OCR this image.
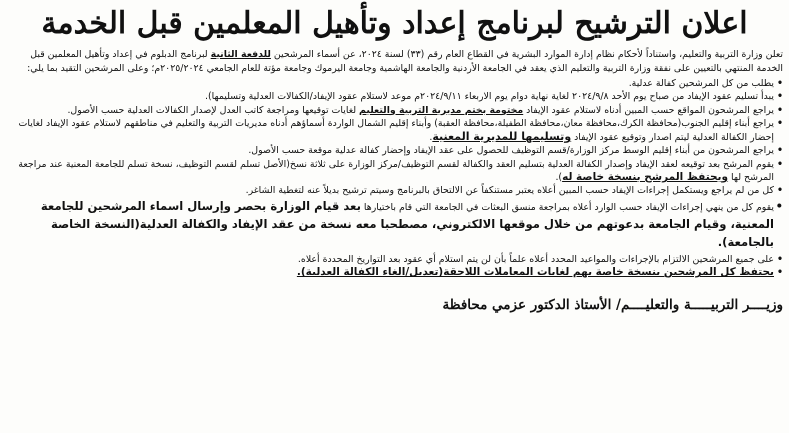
اعلان الترشيح لبرنامج إعداد وتأهيل المعلمين قبل الخدمة

تعلن وزارة التربية والتعليم، واستناداً لأحكام نظام إدارة الموارد البشرية في القطاع العام رقم (٣٣) لسنة ٢٠٢٤، عن أسماء المرشحين للدفعة الثانية لبرنامج الدبلوم في إعداد وتأهيل المعلمين قبل الخدمة المنتهي بالتعيين على نفقة وزارة التربية والتعليم الذي يعقد في الجامعة الأردنية والجامعة الهاشمية وجامعة اليرموك وجامعة مؤتة للعام الجامعي ٢٠٢٥/٢٠٢٤م؛ وعلى المرشحين التقيد بما يلي:

• يطلب من كل المرشحين كفالة عدلية.
• يبدأ تسليم عقود الإيفاد من صباح يوم الأحد ٢٠٢٤/٩/٨ لغاية نهاية دوام يوم الاربعاء ٢٠٢٤/٩/١١م موعد لاستلام عقود الإيفاد/الكفالات العدلية وتسليمها).
• يراجع المرشحون المواقع حسب المبين أدناه لاستلام عقود الإيفاد مختومة بختم مديرية التربية والتعليم لغايات توقيعها ومراجعة كاتب العدل لإصدار الكفالات العدلية حسب الأصول.
• يراجع أبناء إقليم الجنوب(محافظة الكرك،محافظة معان،محافظة الطفيلة،محافظة العقبة) وأبناء إقليم الشمال الواردة أسماؤهم أدناه مديريات التربية والتعليم في مناطقهم لاستلام عقود الإيفاد لغايات إحضار الكفالة العدلية ليتم اصدار وتوقيع عقود الإيفاد وتسليمها للمديرية المعنية.
• يراجع المرشحون من أبناء إقليم الوسط مركز الوزارة/قسم التوظيف للحصول على عقد الإيفاد وإحضار كفالة عدلية موقعة حسب الأصول.
• يقوم المرشح بعد توقيعه لعقد الإيفاد وإصدار الكفالة العدلية بتسليم العقد والكفالة لقسم التوظيف/مركز الوزارة على ثلاثة نسخ(الأصل تسلم لقسم التوظيف، نسخة تسلم للجامعة المعنية عند مراجعة المرشح لها ويحتفظ المرشح بنسخة خاصة له).
• كل من لم يراجع ويستكمل إجراءات الإيفاد حسب المبين أعلاه يعتبر مستنكفاً عن الالتحاق بالبرنامج وسيتم ترشيح بديلاً عنه لتغطية الشاغر.
• يقوم كل من ينهي إجراءات الإيفاد حسب الوارد أعلاه بمراجعة منسق البعثات في الجامعة التي قام باختيارها بعد قيام الوزارة بحصر وإرسال اسماء المرشحين للجامعة المعنية، وقيام الجامعة بدعوتهم من خلال موقعها الالكتروني، مصطحبا معه نسخة من عقد الإيفاد والكفالة العدلية(النسخة الخاصة بالجامعة).
• على جميع المرشحين الالتزام بالإجراءات والمواعيد المحدد أعلاه علماً بأن لن يتم استلام أي عقود بعد التواريخ المحددة أعلاه.
• يحتفظ كل المرشحين بنسخة خاصة بهم لغايات المعاملات اللاحقة(تعديل/الغاء الكفالة العدلية).
وزيــــر التربيـــــة والتعليــــم/ الأستاذ الدكتور عزمي محافظة
